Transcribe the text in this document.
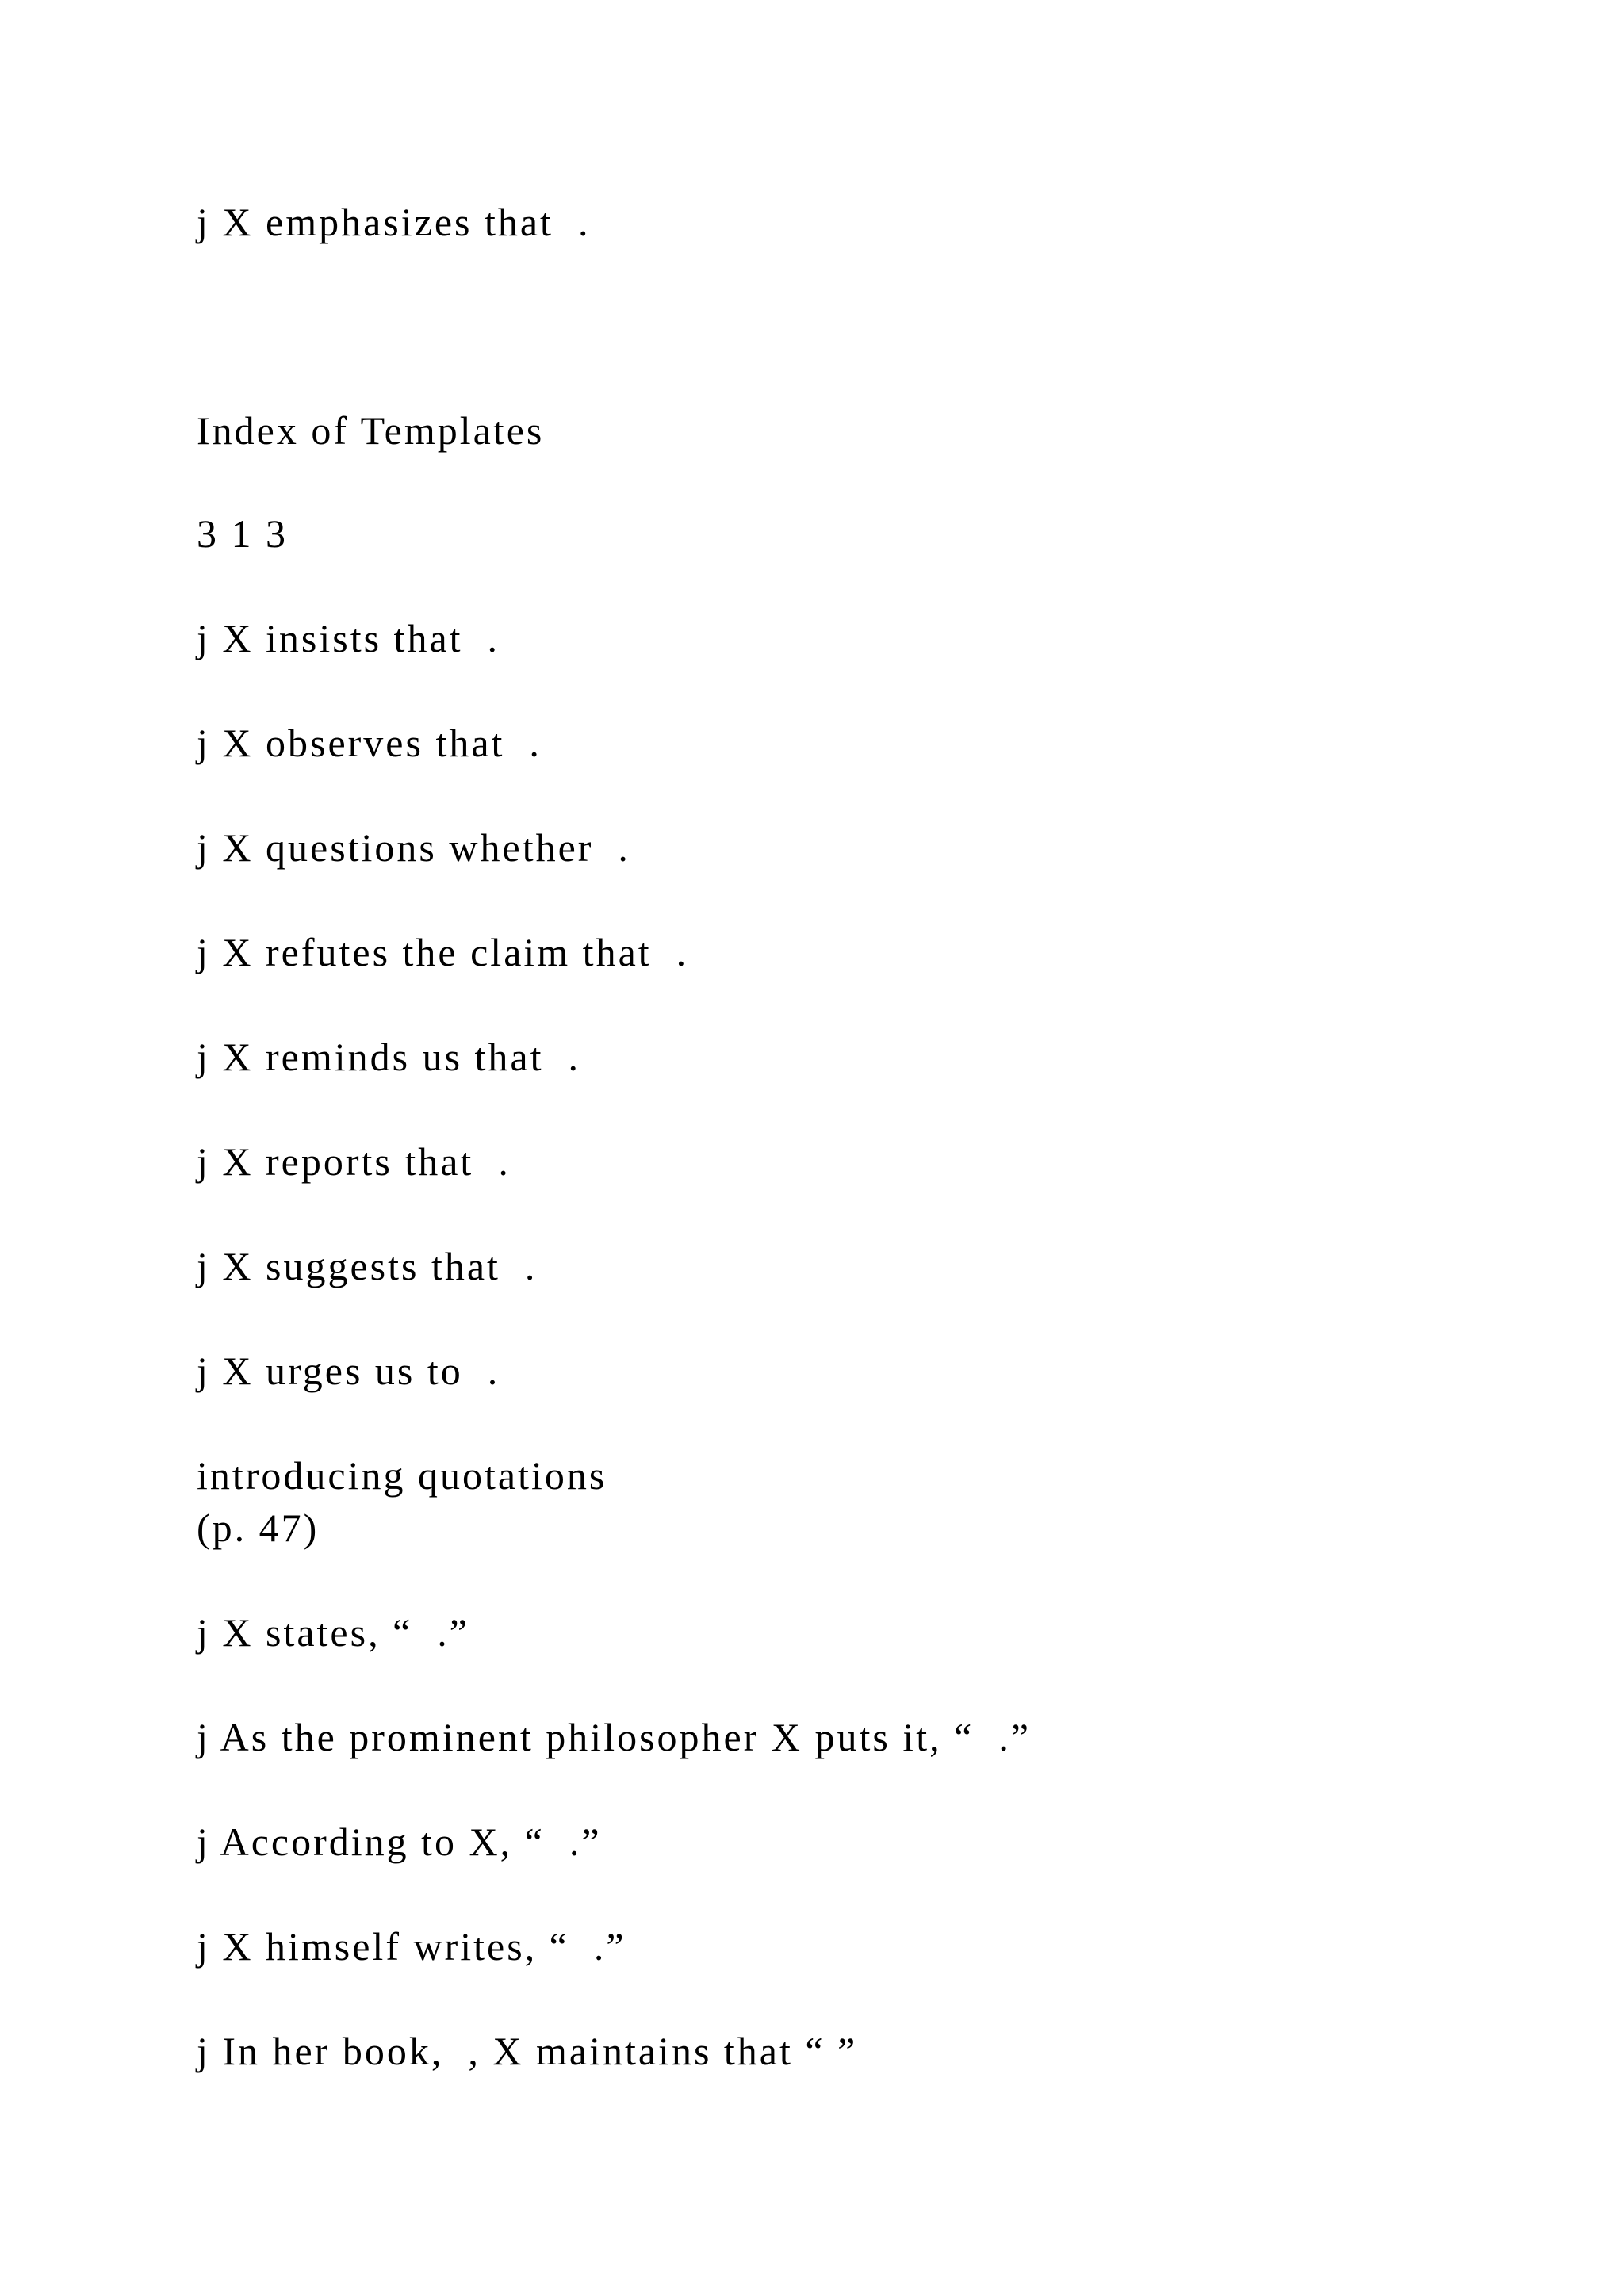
j X emphasizes that  .

Index of Templates

3 1 3

j X insists that  .

j X observes that  .

j X questions whether  .

j X refutes the claim that  .

j X reminds us that  .

j X reports that  .

j X suggests that  .

j X urges us to  .

introducing quotations

(p. 47)

j X states, “  .”

j As the prominent philosopher X puts it, “  .”

j According to X, “  .”

j X himself writes, “  .”

j In her book,  , X maintains that “ ”
